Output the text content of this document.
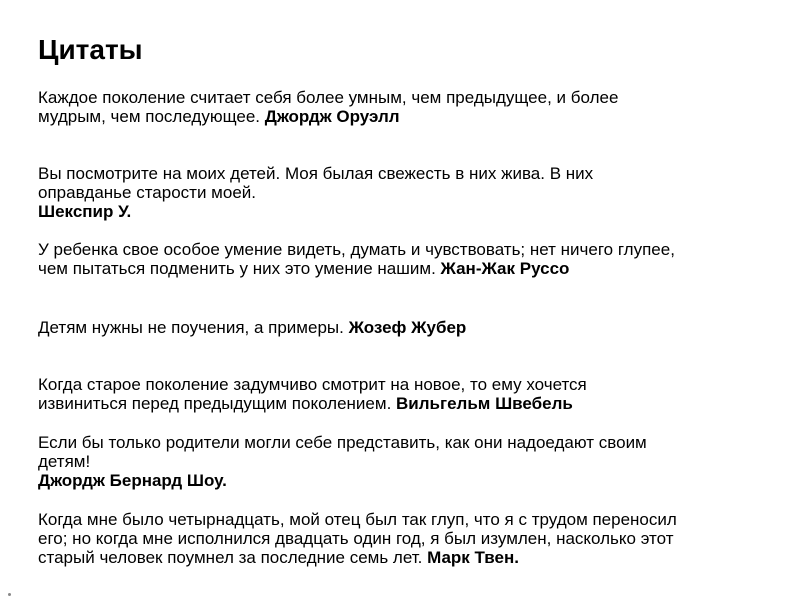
Цитаты

Каждое поколение считает себя более умным, чем предыдущее, и более
мудрым, чем последующее. Джордж Оруэлл

Вы посмотрите на моих детей. Моя былая свежесть в них жива. В них
оправданье старости моей.
Шекспир У.

У ребенка свое особое умение видеть, думать и чувствовать; нет ничего глупее,
чем пытаться подменить у них это умение нашим. Жан-Жак Руссо

Детям нужны не поучения, а примеры. Жозеф Жубер

Когда старое поколение задумчиво смотрит на новое, то ему хочется
извиниться перед предыдущим поколением. Вильгельм Швебель

Если бы только родители могли себе представить, как они надоедают своим
детям!
Джордж Бернард Шоу.

Когда мне было четырнадцать, мой отец был так глуп, что я с трудом переносил
его; но когда мне исполнился двадцать один год, я был изумлен, насколько этот
старый человек поумнел за последние семь лет. Марк Твен.
